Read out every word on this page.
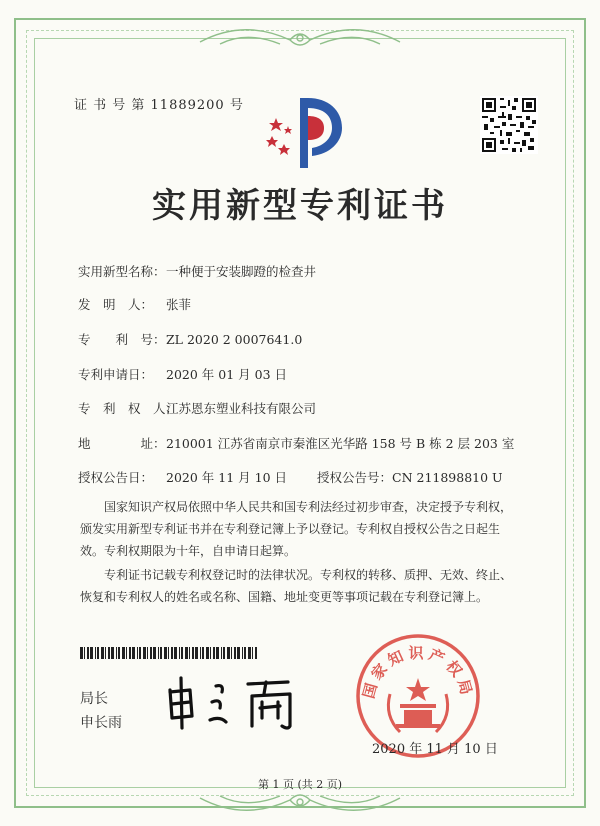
证 书 号 第 11889200 号
实用新型专利证书
实用新型名称：一种便于安装脚蹬的检查井
发　明　人： 张菲
专　　利　号：ZL 2020 2 0007641.0
专利申请日： 2020 年 01 月 03 日
专　利　权　人：江苏恩东塑业科技有限公司
地　　　　址：210001 江苏省南京市秦淮区光华路 158 号 B 栋 2 层 203 室
授权公告日： 2020 年 11 月 10 日 授权公告号：CN 211898810 U
国家知识产权局依照中华人民共和国专利法经过初步审查，决定授予专利权，颁发实用新型专利证书并在专利登记簿上予以登记。专利权自授权公告之日起生效。专利权期限为十年，自申请日起算。
专利证书记载专利权登记时的法律状况。专利权的转移、质押、无效、终止、恢复和专利权人的姓名或名称、国籍、地址变更等事项记载在专利登记簿上。
局长
申长雨
国家知识产权局
2020 年 11 月 10 日
第 1 页 (共 2 页)
